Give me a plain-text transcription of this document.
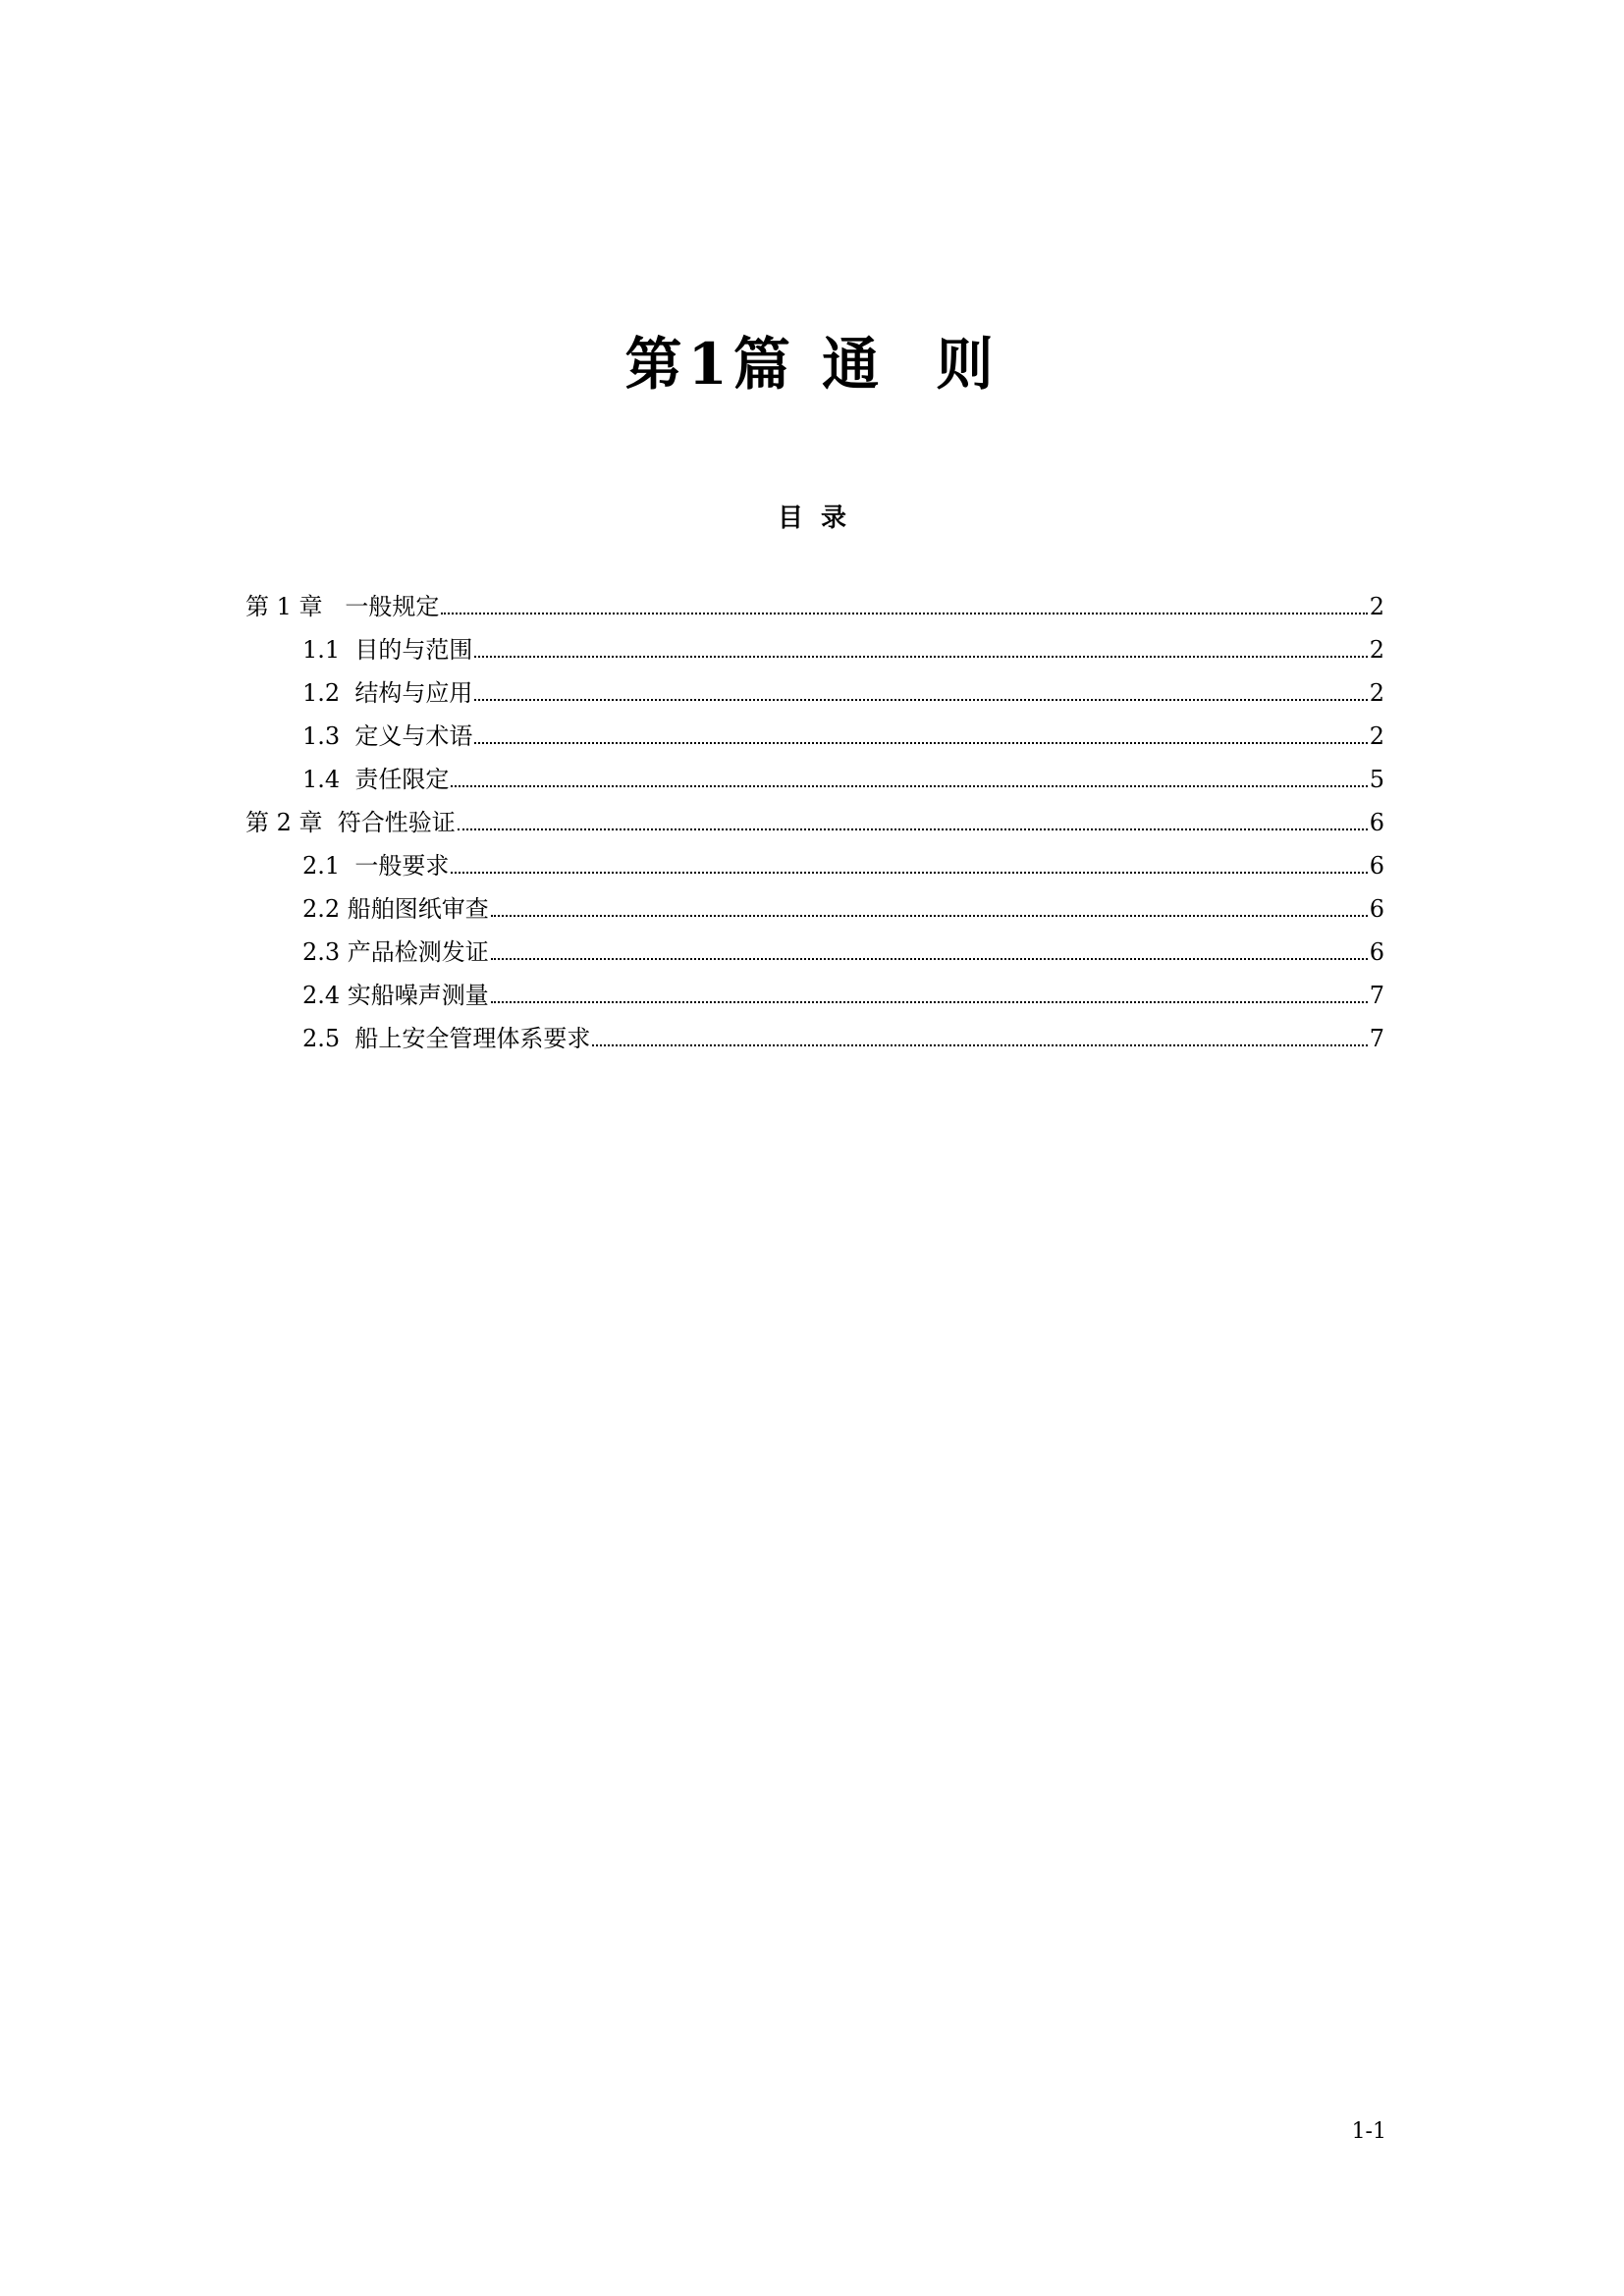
第1篇 通  则
目  录
第 1 章   一般规定	2
1.1  目的与范围	2
1.2  结构与应用	2
1.3  定义与术语	2
1.4  责任限定	5
第 2 章  符合性验证	6
2.1  一般要求	6
2.2 船舶图纸审查	6
2.3 产品检测发证	6
2.4 实船噪声测量	7
2.5  船上安全管理体系要求	7
1-1
